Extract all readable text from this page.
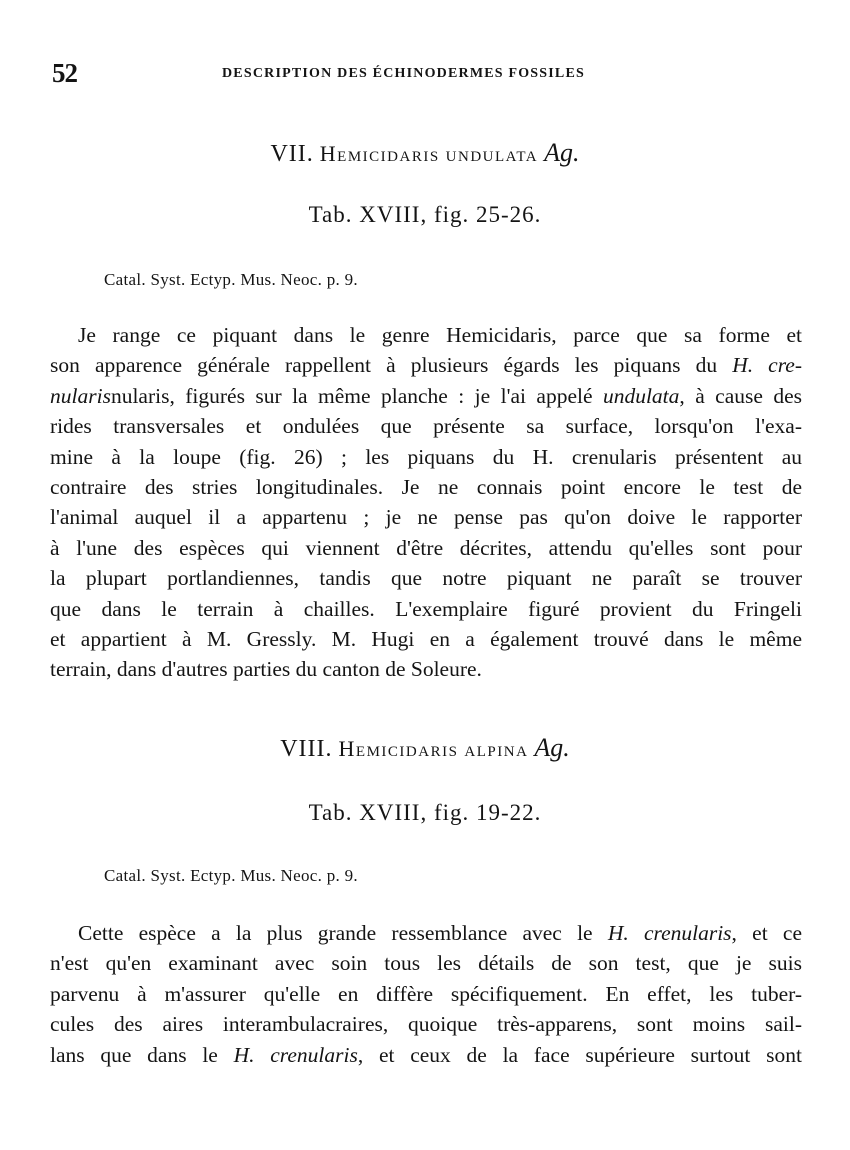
52	DESCRIPTION DES ÉCHINODERMES FOSSILES
VII. Hemicidaris undulata Ag.
Tab. XVIII, fig. 25-26.
Catal. Syst. Ectyp. Mus. Neoc. p. 9.
Je range ce piquant dans le genre Hemicidaris, parce que sa forme et
son apparence générale rappellent à plusieurs égards les piquans du H. cre-
nularisnularis, figurés sur la même planche : je l'ai appelé undulata, à cause des
rides transversales et ondulées que présente sa surface, lorsqu'on l'exa-
mine à la loupe (fig. 26) ; les piquans du H. crenularis présentent au
contraire des stries longitudinales. Je ne connais point encore le test de
l'animal auquel il a appartenu ; je ne pense pas qu'on doive le rapporter
à l'une des espèces qui viennent d'être décrites, attendu qu'elles sont pour
la plupart portlandiennes, tandis que notre piquant ne paraît se trouver
que dans le terrain à chailles. L'exemplaire figuré provient du Fringeli
et appartient à M. Gressly. M. Hugi en a également trouvé dans le même
terrain, dans d'autres parties du canton de Soleure.
VIII. Hemicidaris alpina Ag.
Tab. XVIII, fig. 19-22.
Catal. Syst. Ectyp. Mus. Neoc. p. 9.
Cette espèce a la plus grande ressemblance avec le H. crenularis, et ce
n'est qu'en examinant avec soin tous les détails de son test, que je suis
parvenu à m'assurer qu'elle en diffère spécifiquement. En effet, les tuber-
cules des aires interambulacraires, quoique très-apparens, sont moins sail-
lans que dans le H. crenularis, et ceux de la face supérieure surtout sont
